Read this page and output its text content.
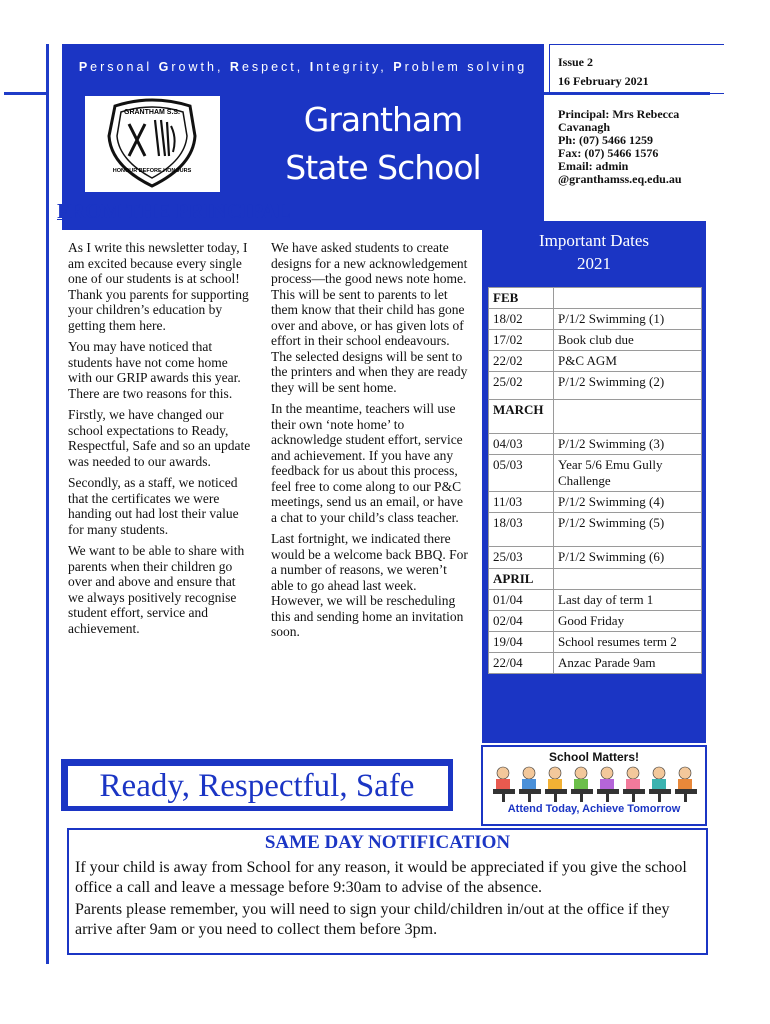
Personal Growth, Respect, Integrity, Problem solving
GRANTHAM S.S.
HONOUR BEFORE HONOURS
Grantham
State School
Issue 2
16 February 2021
Principal: Mrs Rebecca
Cavanagh
Ph: (07) 5466 1259
Fax: (07) 5466 1576
Email: admin
@granthamss.eq.edu.au
FROM THE PRINCIPAL

As I write this newsletter today, I am excited because every single one of our students is at school! Thank you parents for supporting your children’s education by getting them here.

You may have noticed that students have not come home with our GRIP awards this year. There are two reasons for this.

Firstly, we have changed our school expectations to Ready, Respectful, Safe and so an update was needed to our awards.

Secondly, as a staff, we noticed that the certificates we were handing out had lost their value for many students.

We want to be able to share with parents when their children go over and above and ensure that we always positively recognise student effort, service and achievement.

We have asked students to create designs for a new acknowledgement process—the good news note home. This will be sent to parents to let them know that their child has gone over and above, or has given lots of effort in their school endeavours. The selected designs will be sent to the printers and when they are ready they will be sent home.

In the meantime, teachers will use their own ‘note home’ to acknowledge student effort, service and achievement. If you have any feedback for us about this process, feel free to come along to our P&C meetings, send us an email, or have a chat to your child’s class teacher.

Last fortnight, we indicated there would be a welcome back BBQ. For a number of reasons, we weren’t able to go ahead last week. However, we will be rescheduling this and sending home an invitation soon.

Important Dates
2021
FEB	
18/02	P/1/2 Swimming (1)
17/02	Book club due
22/02	P&C AGM
25/02	P/1/2 Swimming (2)
MARCH	
04/03	P/1/2 Swimming (3)
05/03	Year 5/6 Emu Gully Challenge
11/03	P/1/2 Swimming (4)
18/03	P/1/2 Swimming (5)
25/03	P/1/2 Swimming (6)
APRIL	
01/04	Last day of term 1
02/04	Good Friday
19/04	School resumes term 2
22/04	Anzac Parade 9am
Ready, Respectful, Safe
School Matters!
Attend Today, Achieve Tomorrow
SAME DAY NOTIFICATION

If your child is away from School for any reason, it would be appreciated if you give the school office a call and leave a message before 9:30am to advise of the absence.

Parents please remember, you will need to sign your child/children in/out at the office if they arrive after 9am or you need to collect them before 3pm.
